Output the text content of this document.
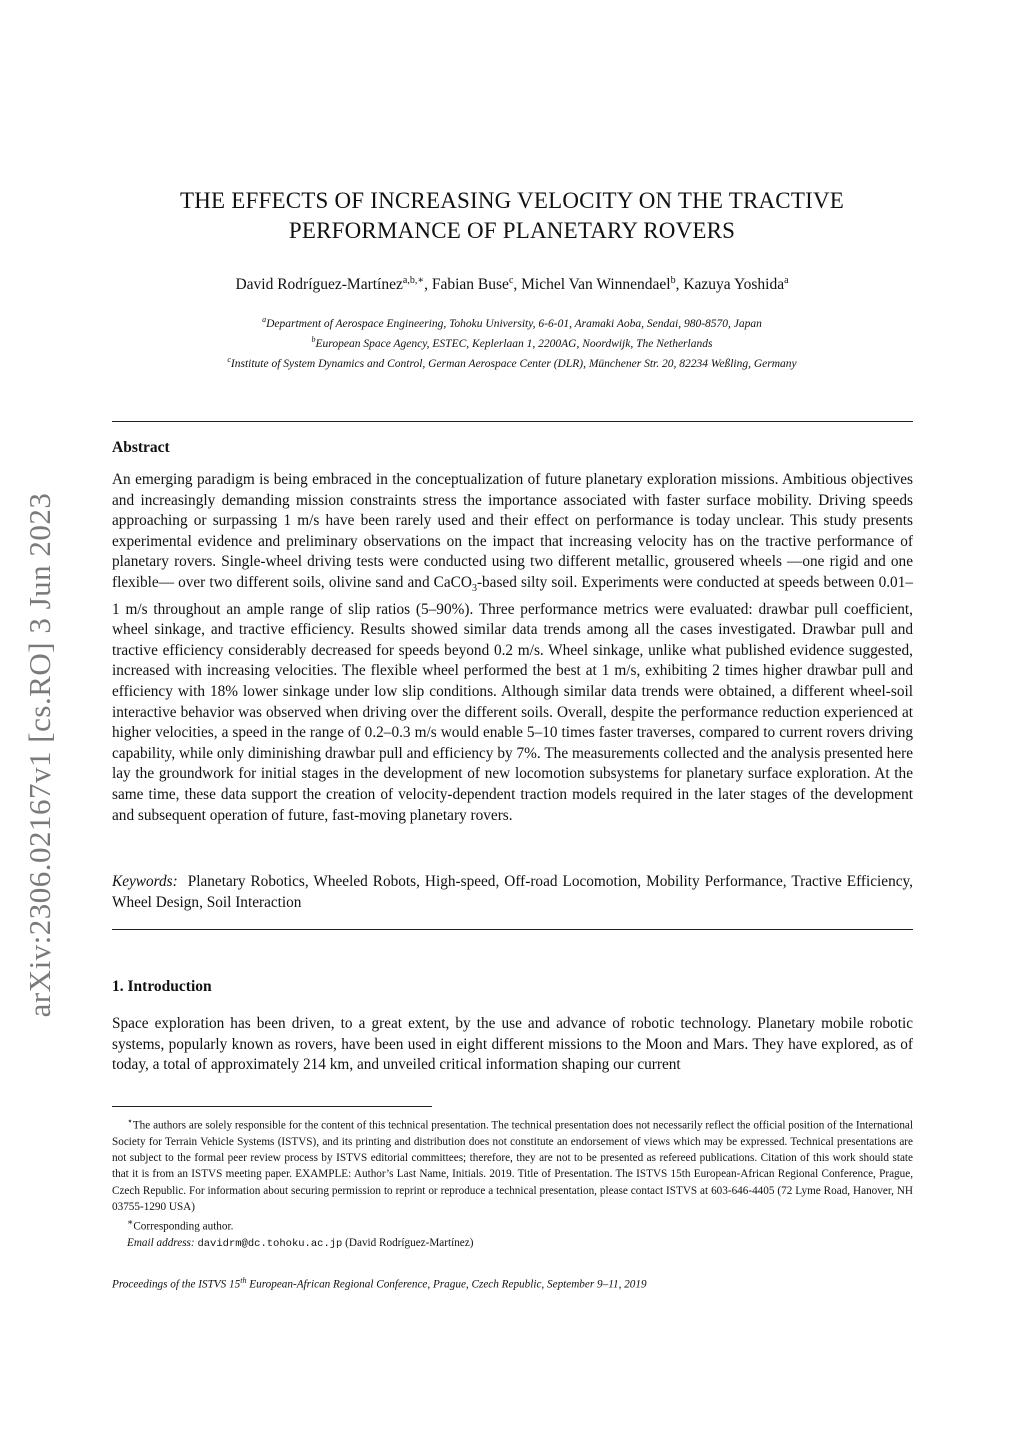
arXiv:2306.02167v1 [cs.RO] 3 Jun 2023
THE EFFECTS OF INCREASING VELOCITY ON THE TRACTIVE
PERFORMANCE OF PLANETARY ROVERS
David Rodríguez-Martínez$^{a,b,∗}$, Fabian Buse$^c$, Michel Van Winnendael$^b$, Kazuya Yoshida$^a$
$^a$Department of Aerospace Engineering, Tohoku University, 6-6-01, Aramaki Aoba, Sendai, 980-8570, Japan
$^b$European Space Agency, ESTEC, Keplerlaan 1, 2200AG, Noordwijk, The Netherlands
$^c$Institute of System Dynamics and Control, German Aerospace Center (DLR), Münchener Str. 20, 82234 Weßling, Germany
Abstract
An emerging paradigm is being embraced in the conceptualization of future planetary exploration missions. Ambitious objectives and increasingly demanding mission constraints stress the importance associated with faster surface mobility. Driving speeds approaching or surpassing 1 m/s have been rarely used and their effect on performance is today unclear. This study presents experimental evidence and preliminary observations on the impact that increasing velocity has on the tractive performance of planetary rovers. Single-wheel driving tests were conducted using two different metallic, grousered wheels —one rigid and one flexible— over two different soils, olivine sand and CaCO$_3$-based silty soil. Experiments were conducted at speeds between 0.01–1 m/s throughout an ample range of slip ratios (5–90%). Three performance metrics were evaluated: drawbar pull coefficient, wheel sinkage, and tractive efficiency. Results showed similar data trends among all the cases investigated. Drawbar pull and tractive efficiency considerably decreased for speeds beyond 0.2 m/s. Wheel sinkage, unlike what published evidence suggested, increased with increasing velocities. The flexible wheel performed the best at 1 m/s, exhibiting 2 times higher drawbar pull and efficiency with 18% lower sinkage under low slip conditions. Although similar data trends were obtained, a different wheel-soil interactive behavior was observed when driving over the different soils. Overall, despite the performance reduction experienced at higher velocities, a speed in the range of 0.2–0.3 m/s would enable 5–10 times faster traverses, compared to current rovers driving capability, while only diminishing drawbar pull and efficiency by 7%. The measurements collected and the analysis presented here lay the groundwork for initial stages in the development of new locomotion subsystems for planetary surface exploration. At the same time, these data support the creation of velocity-dependent traction models required in the later stages of the development and subsequent operation of future, fast-moving planetary rovers.
Keywords: Planetary Robotics, Wheeled Robots, High-speed, Off-road Locomotion, Mobility Performance, Tractive Efficiency, Wheel Design, Soil Interaction
1. Introduction
Space exploration has been driven, to a great extent, by the use and advance of robotic technology. Planetary mobile robotic systems, popularly known as rovers, have been used in eight different missions to the Moon and Mars. They have explored, as of today, a total of approximately 214 km, and unveiled critical information shaping our current

⋆The authors are solely responsible for the content of this technical presentation. The technical presentation does not necessarily reflect the official position of the International Society for Terrain Vehicle Systems (ISTVS), and its printing and distribution does not constitute an endorsement of views which may be expressed. Technical presentations are not subject to the formal peer review process by ISTVS editorial committees; therefore, they are not to be presented as refereed publications. Citation of this work should state that it is from an ISTVS meeting paper. EXAMPLE: Author’s Last Name, Initials. 2019. Title of Presentation. The ISTVS 15th European-African Regional Conference, Prague, Czech Republic. For information about securing permission to reprint or reproduce a technical presentation, please contact ISTVS at 603-646-4405 (72 Lyme Road, Hanover, NH 03755-1290 USA)

∗Corresponding author.

Email address: davidrm@dc.tohoku.ac.jp (David Rodríguez-Martínez)

Proceedings of the ISTVS 15th European-African Regional Conference, Prague, Czech Republic, September 9–11, 2019
